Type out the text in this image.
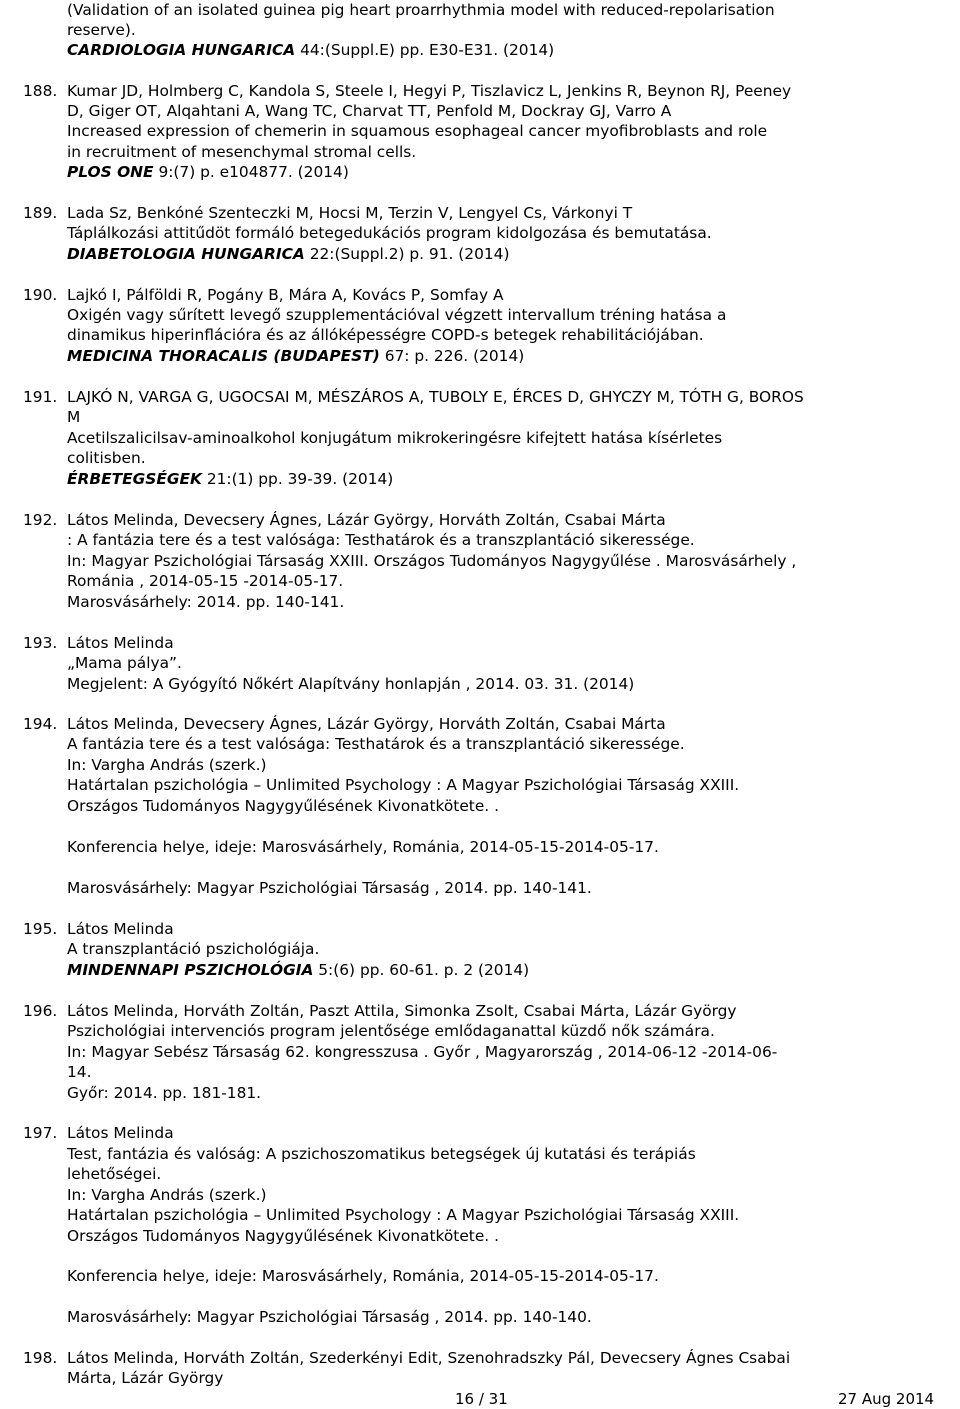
(Validation of an isolated guinea pig heart proarrhythmia model with reduced-repolarisation
reserve).
CARDIOLOGIA HUNGARICA 44:(Suppl.E) pp. E30-E31. (2014)
188. Kumar JD, Holmberg C, Kandola S, Steele I, Hegyi P, Tiszlavicz L, Jenkins R, Beynon RJ, Peeney
D, Giger OT, Alqahtani A, Wang TC, Charvat TT, Penfold M, Dockray GJ, Varro A
Increased expression of chemerin in squamous esophageal cancer myofibroblasts and role
in recruitment of mesenchymal stromal cells.
PLOS ONE 9:(7) p. e104877. (2014)
189. Lada Sz, Benkóné Szenteczki M, Hocsi M, Terzin V, Lengyel Cs, Várkonyi T
Táplálkozási attitűdöt formáló betegedukációs program kidolgozása és bemutatása.
DIABETOLOGIA HUNGARICA 22:(Suppl.2) p. 91. (2014)
190. Lajkó I, Pálföldi R, Pogány B, Mára A, Kovács P, Somfay A
Oxigén vagy sűrített levegő szupplementációval végzett intervallum tréning hatása a
dinamikus hiperinflációra és az állóképességre COPD-s betegek rehabilitációjában.
MEDICINA THORACALIS (BUDAPEST) 67: p. 226. (2014)
191. LAJKÓ N, VARGA G, UGOCSAI M, MÉSZÁROS A, TUBOLY E, ÉRCES D, GHYCZY M, TÓTH G, BOROS
M
Acetilszalicilsav-aminoalkohol konjugátum mikrokeringésre kifejtett hatása kísérletes
colitisben.
ÉRBETEGSÉGEK 21:(1) pp. 39-39. (2014)
192. Látos Melinda, Devecsery Ágnes, Lázár György, Horváth Zoltán, Csabai Márta
: A fantázia tere és a test valósága: Testhatárok és a transzplantáció sikeressége.
In: Magyar Pszichológiai Társaság XXIII. Országos Tudományos Nagygyűlése . Marosvásárhely ,
Románia , 2014-05-15 -2014-05-17.
Marosvásárhely: 2014. pp. 140-141.
193. Látos Melinda
„Mama pálya”.
Megjelent: A Gyógyító Nőkért Alapítvány honlapján , 2014. 03. 31. (2014)
194. Látos Melinda, Devecsery Ágnes, Lázár György, Horváth Zoltán, Csabai Márta
A fantázia tere és a test valósága: Testhatárok és a transzplantáció sikeressége.
In: Vargha András (szerk.)
Határtalan pszichológia – Unlimited Psychology : A Magyar Pszichológiai Társaság XXIII.
Országos Tudományos Nagygyűlésének Kivonatkötete. .
Konferencia helye, ideje: Marosvásárhely, Románia, 2014-05-15-2014-05-17.
Marosvásárhely: Magyar Pszichológiai Társaság , 2014. pp. 140-141.
195. Látos Melinda
A transzplantáció pszichológiája.
MINDENNAPI PSZICHOLÓGIA 5:(6) pp. 60-61. p. 2 (2014)
196. Látos Melinda, Horváth Zoltán, Paszt Attila, Simonka Zsolt, Csabai Márta, Lázár György
Pszichológiai intervenciós program jelentősége emlődaganattal küzdő nők számára.
In: Magyar Sebész Társaság 62. kongresszusa . Győr , Magyarország , 2014-06-12 -2014-06-
14.
Győr: 2014. pp. 181-181.
197. Látos Melinda
Test, fantázia és valóság: A pszichoszomatikus betegségek új kutatási és terápiás
lehetőségei.
In: Vargha András (szerk.)
Határtalan pszichológia – Unlimited Psychology : A Magyar Pszichológiai Társaság XXIII.
Országos Tudományos Nagygyűlésének Kivonatkötete. .
Konferencia helye, ideje: Marosvásárhely, Románia, 2014-05-15-2014-05-17.
Marosvásárhely: Magyar Pszichológiai Társaság , 2014. pp. 140-140.
198. Látos Melinda, Horváth Zoltán, Szederkényi Edit, Szenohradszky Pál, Devecsery Ágnes Csabai
Márta, Lázár György
16 / 31	27 Aug 2014
